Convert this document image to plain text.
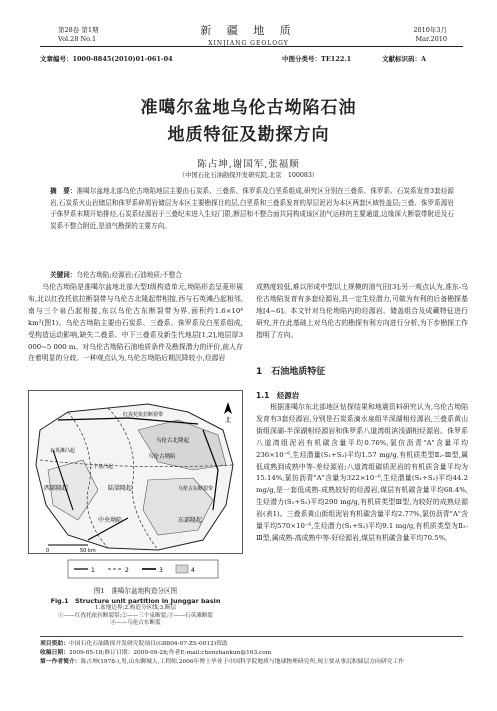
第28卷 第1期
Vol.28 No.1
新 疆 地 质
XINJIANG GEOLOGY
2010年3月
Mar.2010
文章编号：1000-8845(2010)01-061-04	中图分类号：TE122.1	文献标识码：A
准噶尔盆地乌伦古坳陷石油
地质特征及勘探方向
陈占坤,谢国军,张福顺
（中国石化石油勘探开发研究院,北京　100083）
摘　要：准噶尔盆地北部乌伦古坳陷地层主要由石炭系、三叠系、侏罗系及白垩系组成,研究区分别在三叠系、侏罗系、石炭系发育3套烃源岩,石炭系火山岩储层和侏罗系碎屑岩储层为本区主要勘探目的层,白垩系和三叠系发育的厚层泥岩为本区两套区域性盖层;三叠、侏罗系源岩于侏罗系末期开始排烃,石炭系烃源岩于三叠纪末进入生烃门限,断层和不整合面共同构成该区油气运移的主要通道,边缘深大断裂带附近及石炭系不整合附近,是油气勘探的主要方向。
关键词：乌伦古坳陷;烃源岩;石油地质;不整合
乌伦古坳陷是准噶尔盆地北部大型Ⅰ级构造单元,坳陷形态呈菱形展布,北以红孜托依拉断裂带与乌伦古北隆起带相接,西与石英滩凸起相邻,南与三个泉凸起相接,东以乌伦古东断裂带为界,面积约1.6×10⁴ km²(图1)。乌伦古坳陷主要由石炭系、三叠系、侏罗系及白垩系组成,受构造运动影响,缺失二叠系、中下三叠系及新生代地层[1,2],地层厚3 000~5 000 m。对乌伦古坳陷石油地质条件及勘探潜力的评价,前人存在着明显的分歧。一种观点认为,乌伦古坳陷后期沉降较小,烃源岩
成熟度较低,难以形成中型以上规模的油气田[3];另一观点认为,准东-乌伦古坳陷发育有多套烃源岩,具一定生烃潜力,可做为有利的后备勘探基地[4~6]。本文针对乌伦坳陷内的烃源岩、储盖组合及成藏特征进行研究,并在此基础上对乌伦古的勘探有利方向进行分析,为下步勘探工作指明了方向。
1　石油地质特征
1.1　烃源岩
根据准噶尔东北部地区钻探结果和地震资料研究认为,乌伦古坳陷发育有3套烃源岩,分别是石炭系滴水泉组半深湖相烃源岩,三叠系黄山街组深湖-半深湖相烃源岩和侏罗系八道湾组滨浅湖相烃源岩。侏罗系八道湾组泥岩有机碳含量平均0.76%,氯仿沥青"A"含量平均236×10⁻⁶,生烃潜量(S₁+S₂)平均1.57 mg/g,有机质类型Ⅱ₂-Ⅲ型,属低成熟到成熟中等-差烃源岩;八道湾组碳质泥岩的有机质含量平均为15.14%,氯仿沥青"A"含量为322×10⁻⁶,生烃潜量(S₁+S₂)平均44.2 mg/g,是一套低成熟-成熟较好的烃源岩,煤层有机碳含量平均68.4%,生烃潜力(S₁+S₂)平均290 mg/g,有机质类型Ⅲ型,为较好的成熟烃源岩(表1)。三叠系黄山街组泥岩有机碳含量平均2.77%,氯仿沥青"A"含量平均570×10⁻⁶,生烃潜力(S₁+S₂)平均9.1 mg/g,有机质类型为Ⅱ₂-Ⅲ型,属成熟-高成熟中等-好烃源岩,煤层有机碳含量平均70.5%,
北
红孜托依拉断裂带
乌伦古北隆起
乌伦古坳陷
乌伦古东断裂带
石英滩凸起
三个泉凸起
陆梁隆起
中央坳陷	东部隆起
西部隆起
0	50 km
1	2	3	4
图1　准噶尔盆地构造分区图
Fig.1　Structure unit partition in Junggar basin
1.盆地边界;2.构造分区线;3.断层
①——红孜托依拉断裂带;②——三个泉断裂;③——石英滩断裂
④——乌伦古东断裂
项目资助：中国石化石油勘探开发研究院项目(G8804-07-ZS-0012)资助
收稿日期：2009-05-18;修订日期：2009-09-28;作者E-mail:chenzhankun@163.com
第一作者简介：陈占坤(1978-),男,山东聊城人,工程师,2006年博士毕业于中国科学院地质与地球物理研究所,现主要从事沉积储层方向研究工作
